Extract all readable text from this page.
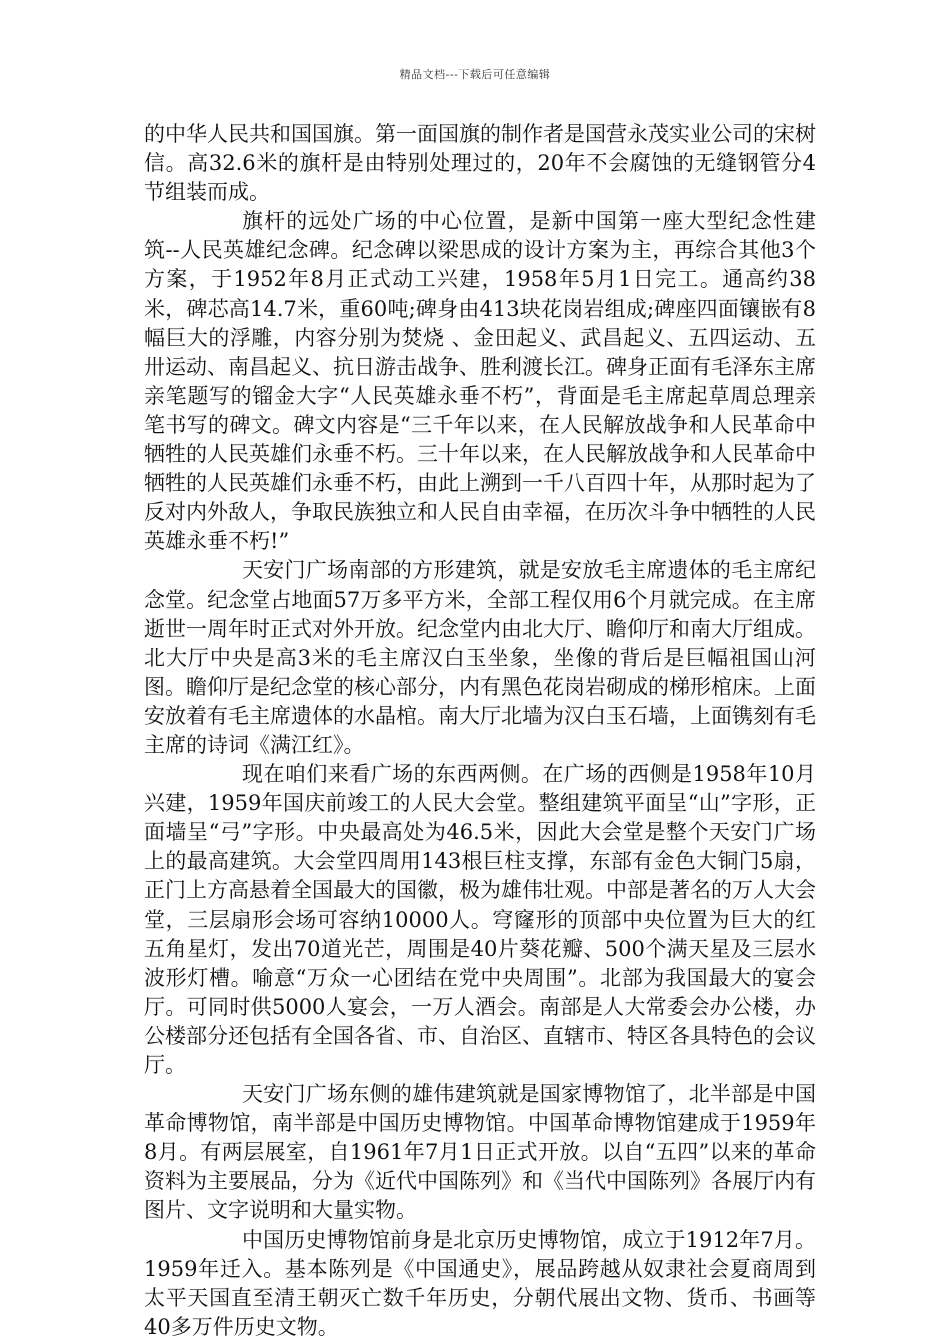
精品文档---下载后可任意编辑

的中华人民共和国国旗。第一面国旗的制作者是国营永茂实业公司的宋树信。高32.6米的旗杆是由特别处理过的，20年不会腐蚀的无缝钢管分4节组装而成。

旗杆的远处广场的中心位置，是新中国第一座大型纪念性建筑--人民英雄纪念碑。纪念碑以梁思成的设计方案为主，再综合其他3个方案，于1952年8月正式动工兴建，1958年5月1日完工。通高约38米，碑芯高14.7米，重60吨;碑身由413块花岗岩组成;碑座四面镶嵌有8幅巨大的浮雕，内容分别为焚烧 、金田起义、武昌起义、五四运动、五卅运动、南昌起义、抗日游击战争、胜利渡长江。碑身正面有毛泽东主席亲笔题写的镏金大字“人民英雄永垂不朽”，背面是毛主席起草周总理亲笔书写的碑文。碑文内容是“三千年以来，在人民解放战争和人民革命中牺牲的人民英雄们永垂不朽。三十年以来，在人民解放战争和人民革命中牺牲的人民英雄们永垂不朽，由此上溯到一千八百四十年，从那时起为了反对内外敌人，争取民族独立和人民自由幸福，在历次斗争中牺牲的人民英雄永垂不朽!”

天安门广场南部的方形建筑，就是安放毛主席遗体的毛主席纪念堂。纪念堂占地面57万多平方米，全部工程仅用6个月就完成。在主席逝世一周年时正式对外开放。纪念堂内由北大厅、瞻仰厅和南大厅组成。北大厅中央是高3米的毛主席汉白玉坐象，坐像的背后是巨幅祖国山河图。瞻仰厅是纪念堂的核心部分，内有黑色花岗岩砌成的梯形棺床。上面安放着有毛主席遗体的水晶棺。南大厅北墙为汉白玉石墙，上面镌刻有毛主席的诗词《满江红》。

现在咱们来看广场的东西两侧。在广场的西侧是1958年10月兴建，1959年国庆前竣工的人民大会堂。整组建筑平面呈“山”字形，正面墙呈“弓”字形。中央最高处为46.5米，因此大会堂是整个天安门广场上的最高建筑。大会堂四周用143根巨柱支撑，东部有金色大铜门5扇，正门上方高悬着全国最大的国徽，极为雄伟壮观。中部是著名的万人大会堂，三层扇形会场可容纳10000人。穹窿形的顶部中央位置为巨大的红五角星灯，发出70道光芒，周围是40片葵花瓣、500个满天星及三层水波形灯槽。喻意“万众一心团结在党中央周围”。北部为我国最大的宴会厅。可同时供5000人宴会，一万人酒会。南部是人大常委会办公楼，办公楼部分还包括有全国各省、市、自治区、直辖市、特区各具特色的会议厅。

天安门广场东侧的雄伟建筑就是国家博物馆了，北半部是中国革命博物馆，南半部是中国历史博物馆。中国革命博物馆建成于1959年8月。有两层展室，自1961年7月1日正式开放。以自“五四”以来的革命资料为主要展品，分为《近代中国陈列》和《当代中国陈列》各展厅内有图片、文字说明和大量实物。

中国历史博物馆前身是北京历史博物馆，成立于1912年7月。1959年迁入。基本陈列是《中国通史》，展品跨越从奴隶社会夏商周到太平天国直至清王朝灭亡数千年历史，分朝代展出文物、货币、书画等40多万件历史文物。
